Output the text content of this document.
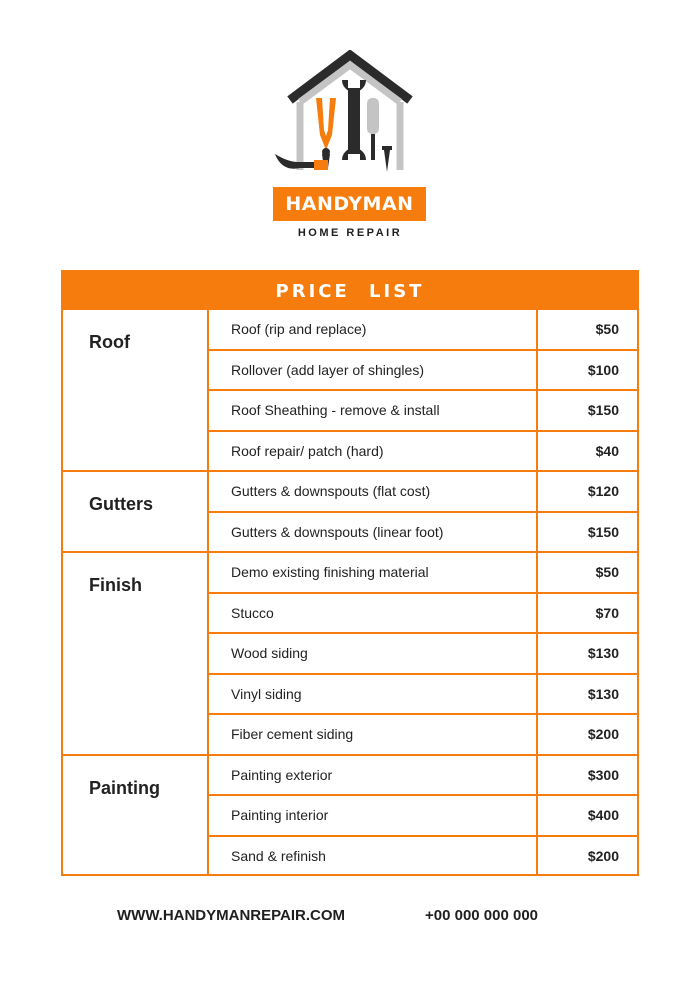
HANDYMAN
HOME REPAIR
PRICE LIST
Roof
Roof (rip and replace)	$50
Rollover (add layer of shingles)	$100
Roof Sheathing - remove & install	$150
Roof repair/ patch (hard)	$40
Gutters
Gutters & downspouts (flat cost)	$120
Gutters & downspouts (linear foot)	$150
Finish
Demo existing finishing material	$50
Stucco	$70
Wood siding	$130
Vinyl siding	$130
Fiber cement siding	$200
Painting
Painting exterior	$300
Painting interior	$400
Sand & refinish	$200
WWW.HANDYMANREPAIR.COM	+00 000 000 000
